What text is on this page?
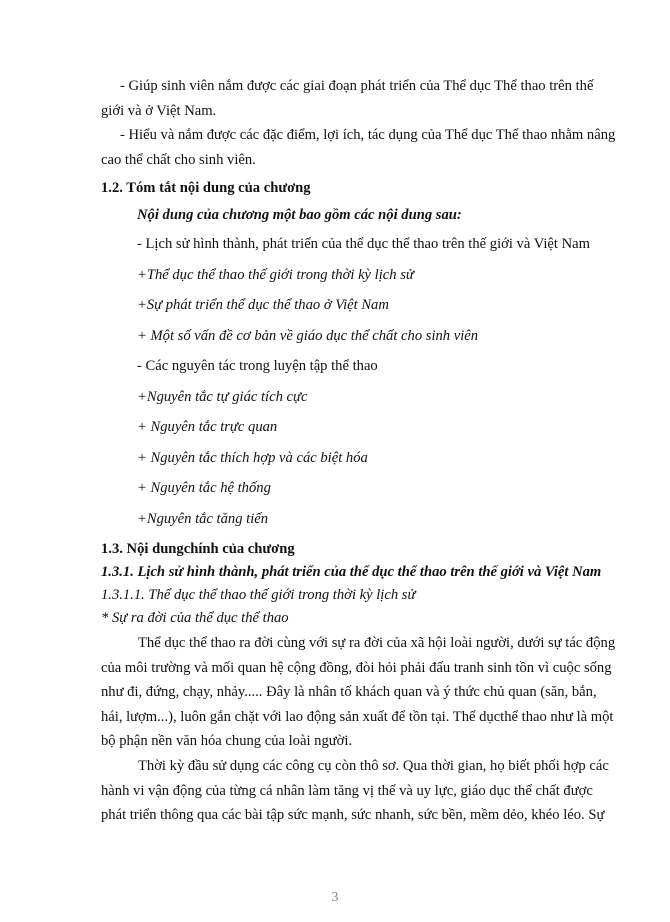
- Giúp sinh viên nắm được các giai đoạn phát triển của Thể dục Thể thao trên thế
giới và ở Việt Nam.
- Hiểu và nắm được các đặc điểm, lợi ích, tác dụng của Thể dục Thể thao nhằm nâng
cao thể chất cho sinh viên.
1.2. Tóm tắt nội dung của chương
Nội dung của chương một bao gồm các nội dung sau:
- Lịch sử hình thành, phát triển của thể dục thể thao trên thế giới và Việt Nam
+Thể dục thể thao thế giới trong thời kỳ lịch sử
+Sự phát triển thể dục thể thao ở Việt Nam
+ Một số vấn đề cơ bản về giáo dục thể chất cho sinh viên
- Các nguyên tác trong luyện tập thể thao
+Nguyên tắc tự giác tích cực
+ Nguyên tắc trực quan
+ Nguyên tắc thích hợp và các biệt hóa
+ Nguyên tắc hệ thống
+Nguyên tắc tăng tiến
1.3. Nội dungchính của chương
1.3.1. Lịch sử hình thành, phát triển của thể dục thể thao trên thế giới và Việt Nam
1.3.1.1. Thể dục thể thao thế giới trong thời kỳ lịch sử
* Sự ra đời của thể dục thể thao
Thể dục thể thao ra đời cùng với sự ra đời của xã hội loài người, dưới sự tác động
của môi trường và mối quan hệ cộng đồng, đòi hỏi phải đấu tranh sinh tồn vì cuộc sống
như đi, đứng, chạy, nhảy..... Đây là nhân tố khách quan và ý thức chủ quan (săn, bắn,
hái, lượm...), luôn gắn chặt với lao động sản xuất để tồn tại. Thể dụcthể thao như là một
bộ phận nền văn hóa chung của loài người.
Thời kỳ đầu sử dụng các công cụ còn thô sơ. Qua thời gian, họ biết phối hợp các
hành vi vận động của từng cá nhân làm tăng vị thế và uy lực, giáo dục thể chất được
phát triển thông qua các bài tập sức mạnh, sức nhanh, sức bền, mềm dẻo, khéo léo. Sự
3
